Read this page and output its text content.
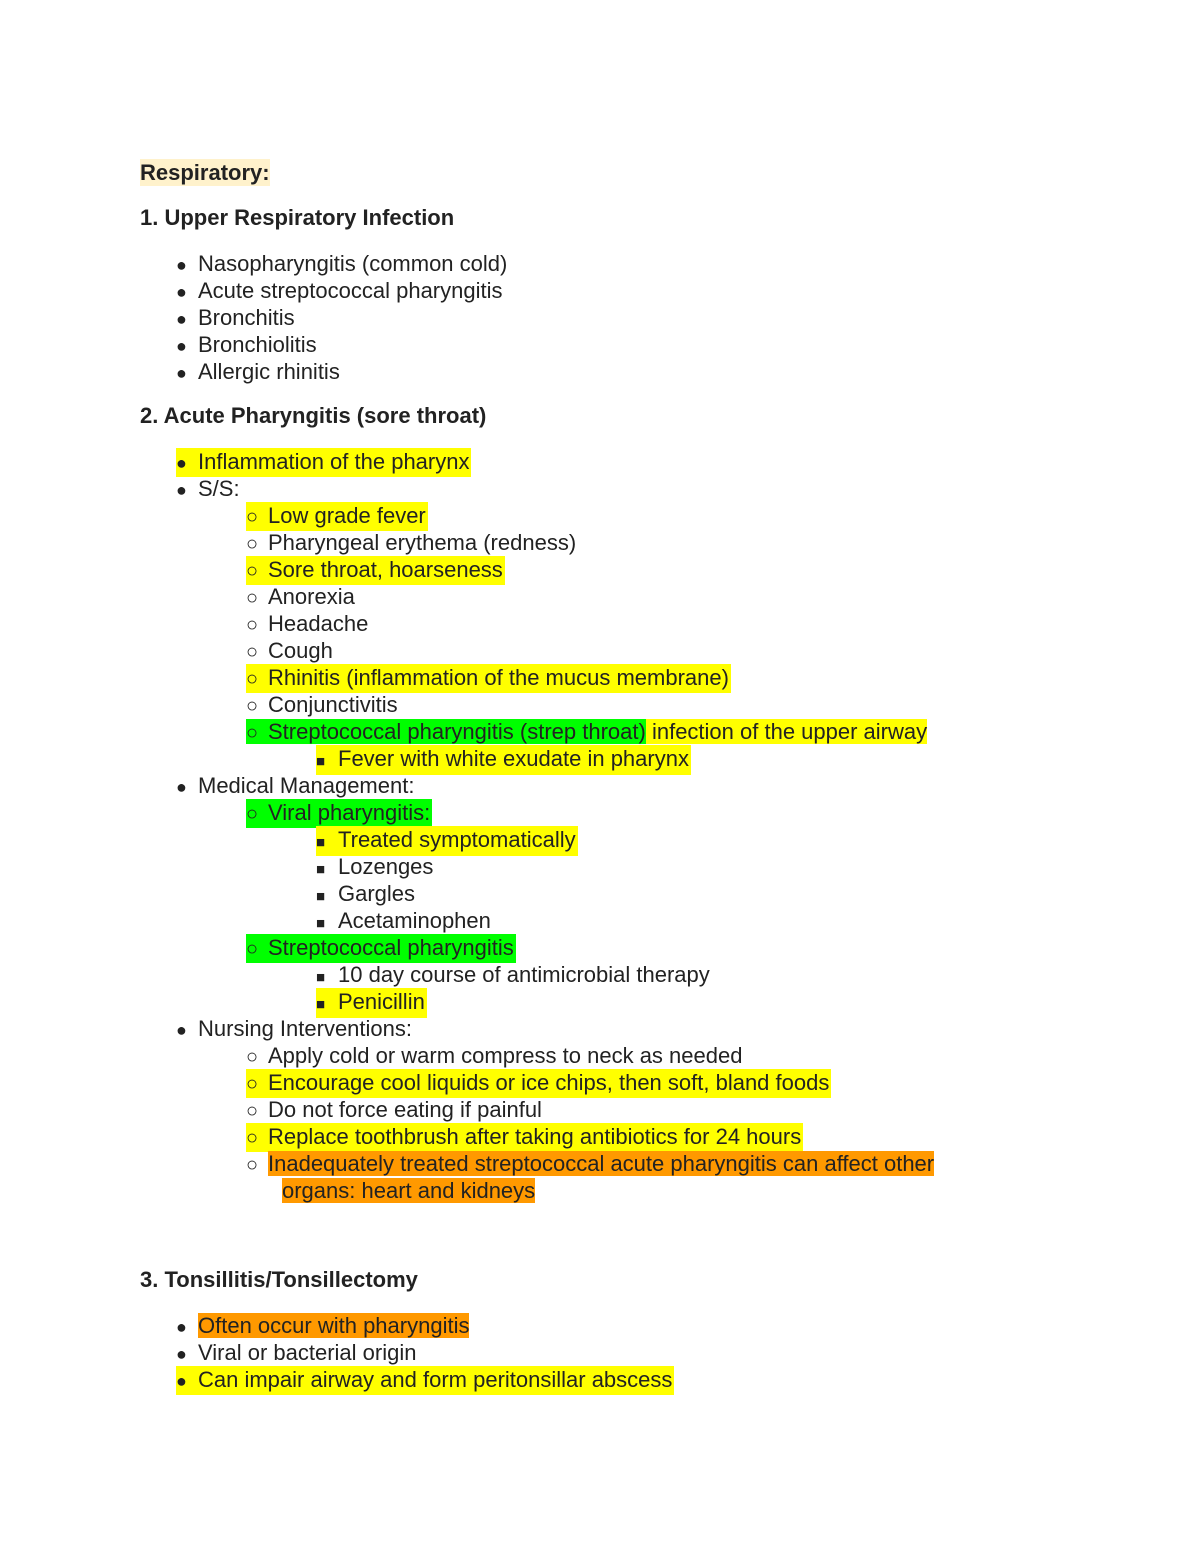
Respiratory:
1. Upper Respiratory Infection
● Nasopharyngitis (common cold)
● Acute streptococcal pharyngitis
● Bronchitis
● Bronchiolitis
● Allergic rhinitis
2. Acute Pharyngitis (sore throat)
● Inflammation of the pharynx
● S/S:
○ Low grade fever
○ Pharyngeal erythema (redness)
○ Sore throat, hoarseness
○ Anorexia
○ Headache
○ Cough
○ Rhinitis (inflammation of the mucus membrane)
○ Conjunctivitis
○ Streptococcal pharyngitis (strep throat) infection of the upper airway
■ Fever with white exudate in pharynx
● Medical Management:
○ Viral pharyngitis:
■ Treated symptomatically
■ Lozenges
■ Gargles
■ Acetaminophen
○ Streptococcal pharyngitis
■ 10 day course of antimicrobial therapy
■ Penicillin
● Nursing Interventions:
○ Apply cold or warm compress to neck as needed
○ Encourage cool liquids or ice chips, then soft, bland foods
○ Do not force eating if painful
○ Replace toothbrush after taking antibiotics for 24 hours
○ Inadequately treated streptococcal acute pharyngitis can affect other
organs: heart and kidneys
3. Tonsillitis/Tonsillectomy
● Often occur with pharyngitis
● Viral or bacterial origin
● Can impair airway and form peritonsillar abscess
